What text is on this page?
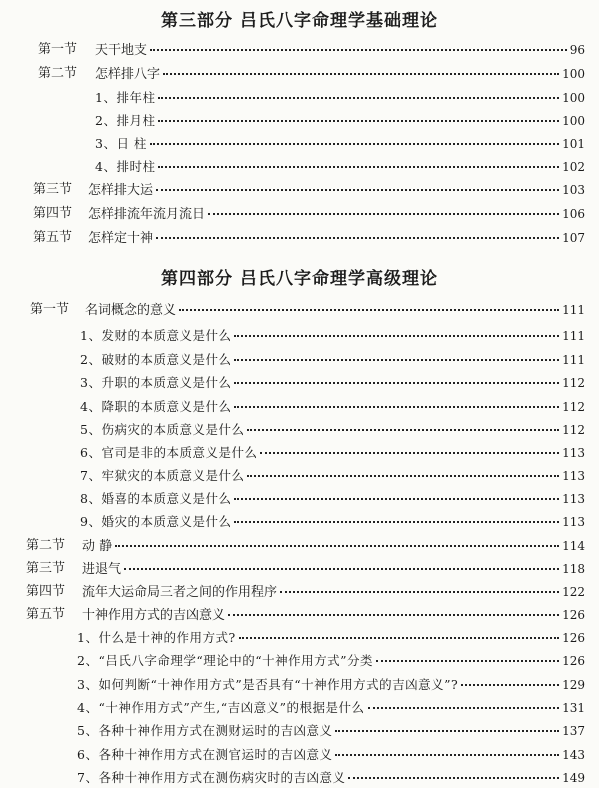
第三部分 吕氏八字命理学基础理论
第一节 天干地支	96
第二节 怎样排八字	100
1、排年柱	100
2、排月柱	100
3、日 柱	101
4、排时柱	102
第三节 怎样排大运	103
第四节 怎样排流年流月流日	106
第五节 怎样定十神	107
第四部分 吕氏八字命理学高级理论
第一节 名词概念的意义	111
1、发财的本质意义是什么	111
2、破财的本质意义是什么	111
3、升职的本质意义是什么	112
4、降职的本质意义是什么	112
5、伤病灾的本质意义是什么	112
6、官司是非的本质意义是什么	113
7、牢狱灾的本质意义是什么	113
8、婚喜的本质意义是什么	113
9、婚灾的本质意义是什么	113
第二节 动 静	114
第三节 进退气	118
第四节 流年大运命局三者之间的作用程序	122
第五节 十神作用方式的吉凶意义	126
1、什么是十神的作用方式?	126
2、“吕氏八字命理学“理论中的“十神作用方式”分类	126
3、如何判断“十神作用方式”是否具有“十神作用方式的吉凶意义”?	129
4、“十神作用方式”产生,“吉凶意义”的根据是什么	131
5、各种十神作用方式在测财运时的吉凶意义	137
6、各种十神作用方式在测官运时的吉凶意义	143
7、各种十神作用方式在测伤病灾时的吉凶意义	149
